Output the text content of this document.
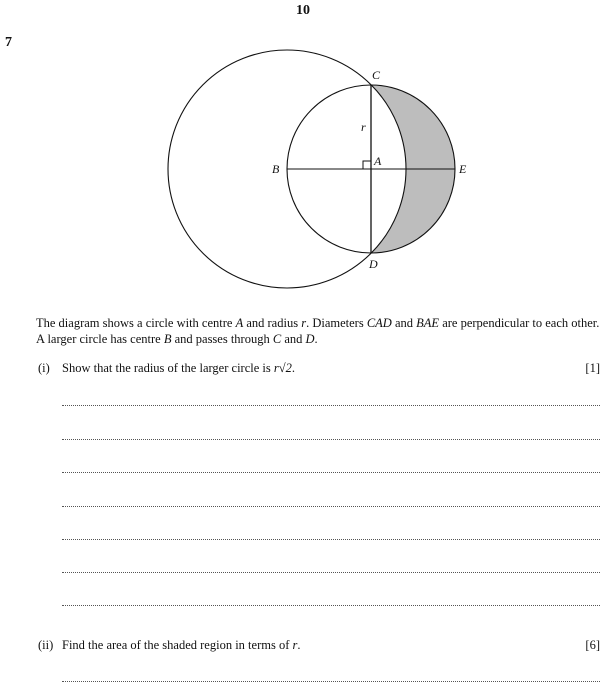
10
7
A
B
C
D
E
r
The diagram shows a circle with centre A and radius r. Diameters CAD and BAE are perpendicular to each other. A larger circle has centre B and passes through C and D.
(i) Show that the radius of the larger circle is r√2.	[1]
(ii) Find the area of the shaded region in terms of r.	[6]
